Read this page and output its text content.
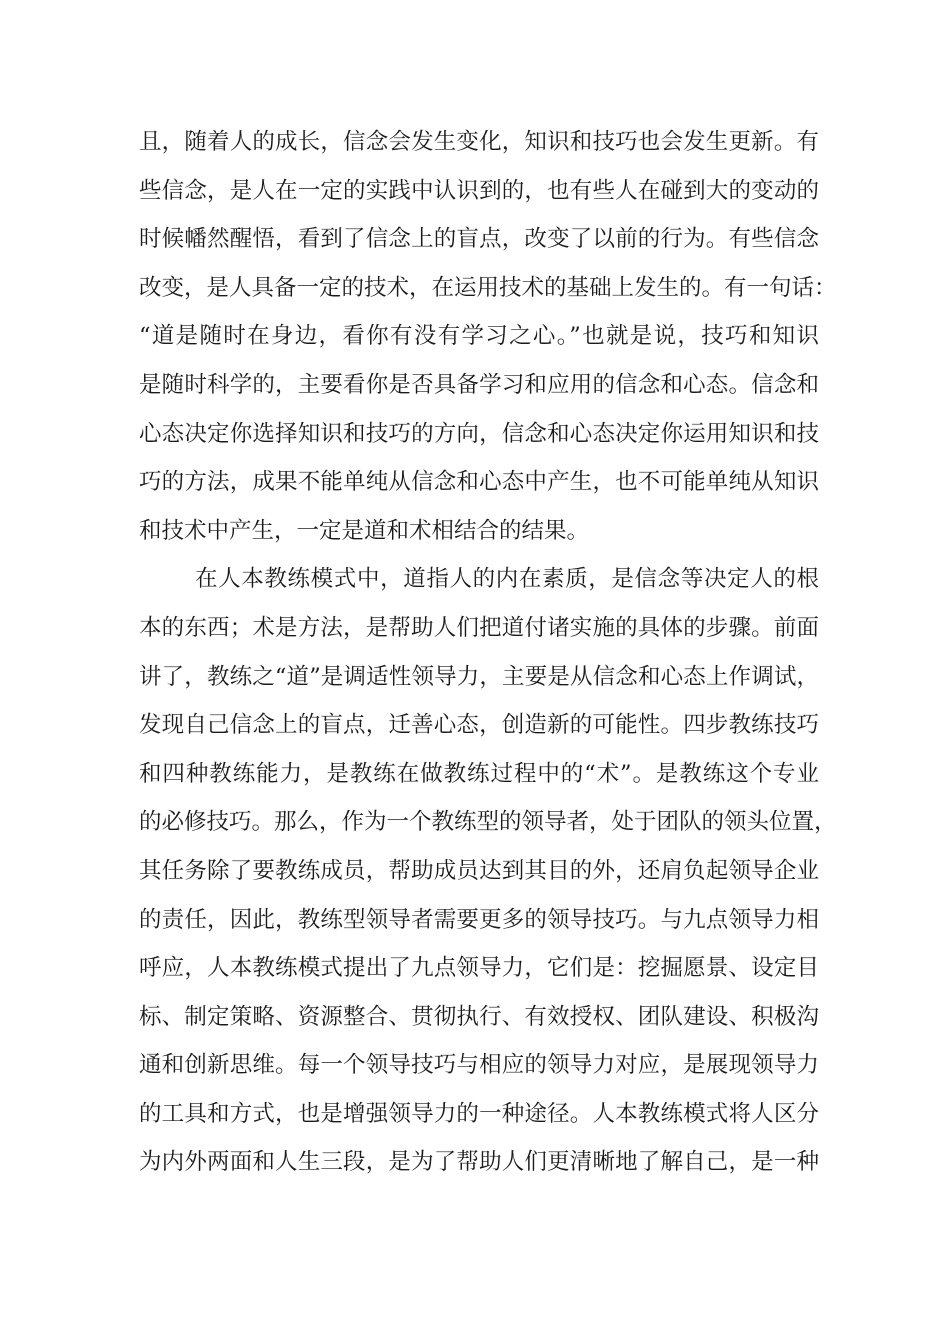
且，随着人的成长，信念会发生变化，知识和技巧也会发生更新。有
些信念，是人在一定的实践中认识到的，也有些人在碰到大的变动的
时候幡然醒悟，看到了信念上的盲点，改变了以前的行为。有些信念
改变，是人具备一定的技术，在运用技术的基础上发生的。有一句话：
“道是随时在身边，看你有没有学习之心。”也就是说，技巧和知识
是随时科学的，主要看你是否具备学习和应用的信念和心态。信念和
心态决定你选择知识和技巧的方向，信念和心态决定你运用知识和技
巧的方法，成果不能单纯从信念和心态中产生，也不可能单纯从知识
和技术中产生，一定是道和术相结合的结果。
在人本教练模式中，道指人的内在素质，是信念等决定人的根
本的东西；术是方法，是帮助人们把道付诸实施的具体的步骤。前面
讲了，教练之“道”是调适性领导力，主要是从信念和心态上作调试，
发现自己信念上的盲点，迁善心态，创造新的可能性。四步教练技巧
和四种教练能力，是教练在做教练过程中的“术”。是教练这个专业
的必修技巧。那么，作为一个教练型的领导者，处于团队的领头位置，
其任务除了要教练成员，帮助成员达到其目的外，还肩负起领导企业
的责任，因此，教练型领导者需要更多的领导技巧。与九点领导力相
呼应，人本教练模式提出了九点领导力，它们是：挖掘愿景、设定目
标、制定策略、资源整合、贯彻执行、有效授权、团队建设、积极沟
通和创新思维。每一个领导技巧与相应的领导力对应，是展现领导力
的工具和方式，也是增强领导力的一种途径。人本教练模式将人区分
为内外两面和人生三段，是为了帮助人们更清晰地了解自己，是一种
